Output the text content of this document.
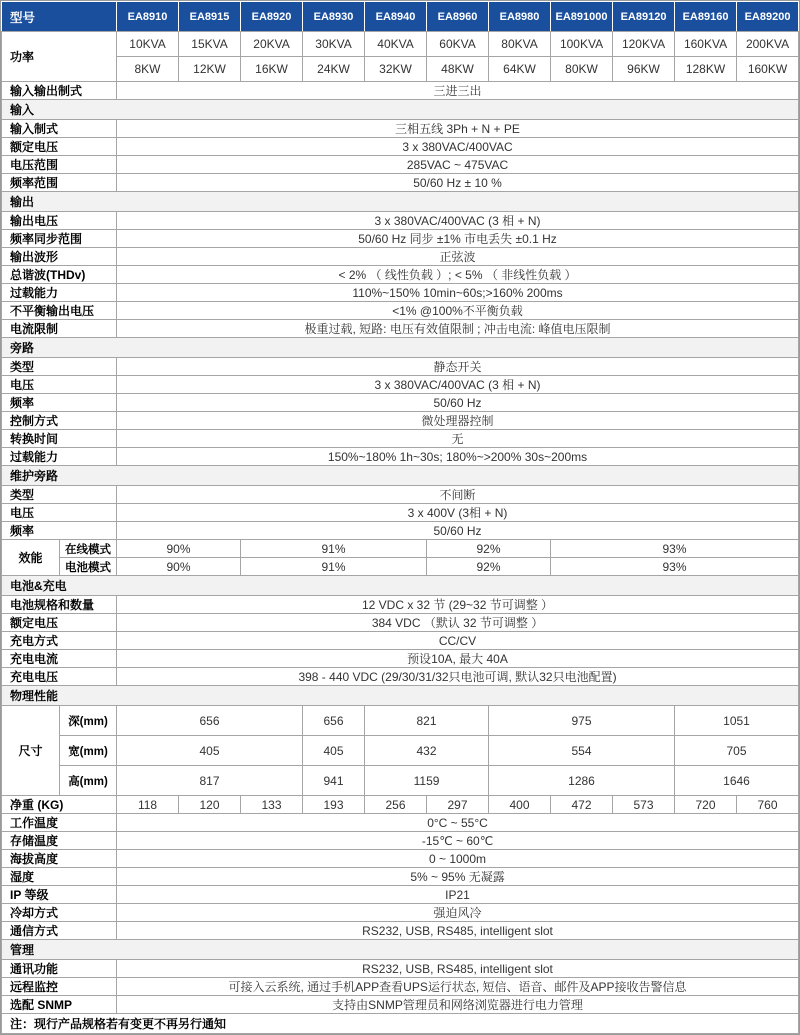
型号		EA8910	EA8915	EA8920	EA8930	EA8940	EA8960	EA8980	EA891000	EA89120	EA89160	EA89200
功率		10KVA	15KVA	20KVA	30KVA	40KVA	60KVA	80KVA	100KVA	120KVA	160KVA	200KVA
		8KW	12KW	16KW	24KW	32KW	48KW	64KW	80KW	96KW	128KW	160KW
输入输出制式		三进三出										
输入												
输入制式		三相五线 3Ph + N + PE										
额定电压		3 x 380VAC/400VAC										
电压范围		285VAC ~ 475VAC										
频率范围		50/60 Hz ± 10 %										
输出												
输出电压		3 x 380VAC/400VAC (3 相 + N)										
频率同步范围		50/60 Hz 同步 ±1% 市电丢失 ±0.1 Hz										
输出波形		正弦波										
总谐波(THDv)		< 2% （ 线性负载 ）; < 5% （ 非线性负载 ）										
过载能力		110%~150% 10min~60s;>160% 200ms										
不平衡输出电压		<1% @100%不平衡负载										
电流限制		极重过载, 短路: 电压有效值限制 ; 冲击电流: 峰值电压限制										
旁路												
类型		静态开关										
电压		3 x 380VAC/400VAC (3 相 + N)										
频率		50/60 Hz										
控制方式		微处理器控制										
转换时间		无										
过载能力		150%~180% 1h~30s; 180%~>200% 30s~200ms										
维护旁路												
类型		不间断										
电压		3 x 400V (3相 + N)										
频率		50/60 Hz										
效能	在线模式	90%		91%			92%		93%			
	电池模式	90%		91%			92%		93%			
电池&充电												
电池规格和数量		12 VDC x 32 节 (29~32 节可调整 ）										
额定电压		384 VDC （默认 32 节可调整 ）										
充电方式		CC/CV										
充电电流		预设10A, 最大 40A										
充电电压		398 - 440 VDC (29/30/31/32只电池可调, 默认32只电池配置)										
物理性能												
尺寸	深(mm)	656			656	821		975			1051	
	宽(mm)	405			405	432		554			705	
	高(mm)	817			941	1159		1286			1646	
净重 (KG)		118	120	133	193	256	297	400	472	573	720	760
工作温度		0°C ~ 55°C										
存储温度		-15℃ ~ 60℃										
海拔高度		0 ~ 1000m										
湿度		5% ~ 95% 无凝露										
IP 等级		IP21										
冷却方式		强迫风冷										
通信方式		RS232, USB, RS485, intelligent slot										
管理												
通讯功能		RS232, USB, RS485, intelligent slot										
远程监控		可接入云系统, 通过手机APP查看UPS运行状态, 短信、语音、邮件及APP接收告警信息										
选配 SNMP		支持由SNMP管理员和网络浏览器进行电力管理										
注：现行产品规格若有变更不再另行通知												
